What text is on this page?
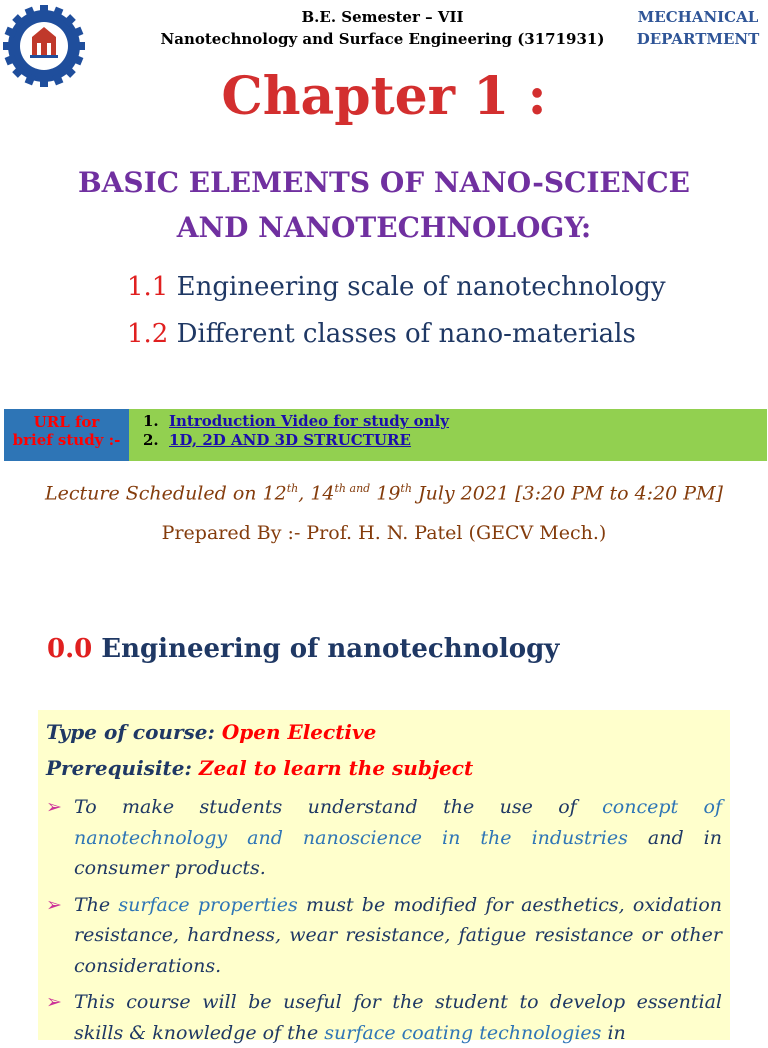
B.E. Semester – VII
Nanotechnology and Surface Engineering (3171931)
MECHANICAL
DEPARTMENT
Chapter 1 :
BASIC ELEMENTS OF NANO-SCIENCE
AND NANOTECHNOLOGY:
1.1 Engineering scale of nanotechnology
1.2 Different classes of nano-materials
URL for
brief study :-
1. Introduction Video for study only
2. 1D, 2D AND 3D STRUCTURE
Lecture Scheduled on 12th, $14^{th and}$ 19th July 2021 [3:20 PM to 4:20 PM]
Prepared By :- Prof. H. N. Patel (GECV Mech.)
0.0 Engineering of nanotechnology
Type of course: Open Elective
Prerequisite: Zeal to learn the subject
➢ To make students understand the use of concept of nanotechnology and nanoscience in the industries and in consumer products.
➢ The surface properties must be modified for aesthetics, oxidation resistance, hardness, wear resistance, fatigue resistance or other considerations.
➢ This course will be useful for the student to develop essential skills & knowledge of the surface coating technologies in
